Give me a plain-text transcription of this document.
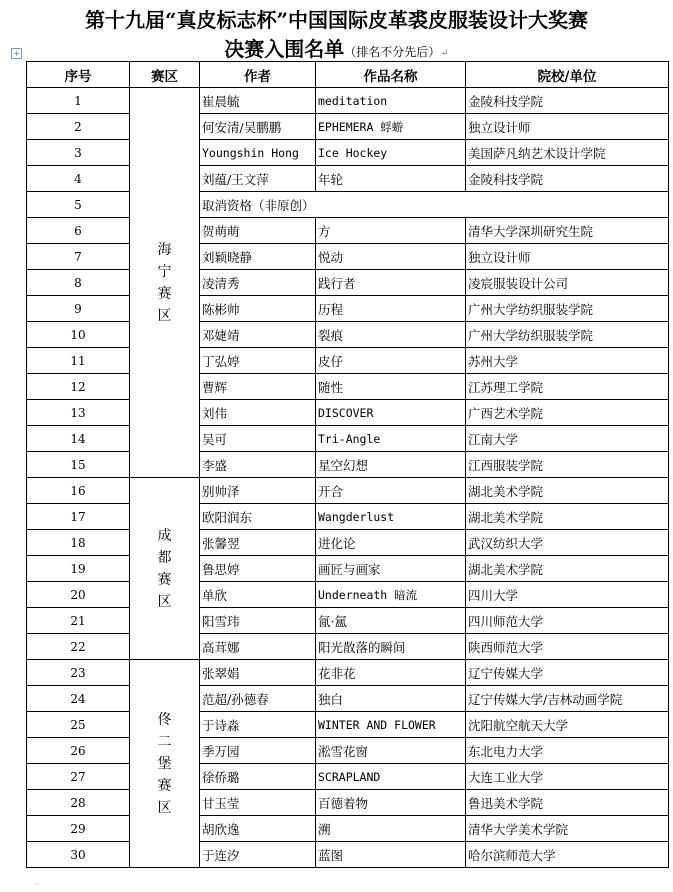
第十九届“真皮标志杯”中国国际皮革裘皮服装设计大奖赛
决赛入围名单（排名不分先后）↵
+
序号	赛区	作者	作品名称	院校/单位
1	海宁赛区	崔晨毓	meditation	金陵科技学院
2		何安清/吴鹏鹏	EPHEMERA 蜉蝣	独立设计师
3		Youngshin Hong	Ice Hockey	美国萨凡纳艺术设计学院
4		刘蕴/王文萍	年轮	金陵科技学院
5		取消资格（非原创）		
6		贺萌萌	方	清华大学深圳研究生院
7		刘颖晓静	悦动	独立设计师
8		凌清秀	践行者	凌宸服装设计公司
9		陈彬帅	历程	广州大学纺织服装学院
10		邓婕靖	裂痕	广州大学纺织服装学院
11		丁弘婷	皮仔	苏州大学
12		曹辉	随性	江苏理工学院
13		刘伟	DISCOVER	广西艺术学院
14		吴可	Tri-Angle	江南大学
15		李盛	星空幻想	江西服装学院
16	成都赛区	别帅泽	开合	湖北美术学院
17		欧阳润东	Wangderlust	湖北美术学院
18		张馨翌	进化论	武汉纺织大学
19		鲁思婷	画匠与画家	湖北美术学院
20		单欣	Underneath 暗流	四川大学
21		阳雪玮	氤·氲	四川师范大学
22		高茸娜	阳光散落的瞬间	陕西师范大学
23	佟二堡赛区	张翠娟	花非花	辽宁传媒大学
24		范超/孙德春	独白	辽宁传媒大学/吉林动画学院
25		于诗淼	WINTER AND FLOWER	沈阳航空航天大学
26		季万园	淞雪花窗	东北电力大学
27		徐侨璐	SCRAPLAND	大连工业大学
28		甘玉莹	百德着物	鲁迅美术学院
29		胡欣逸	溯	清华大学美术学院
30		于连汐	蓝图	哈尔滨师范大学
··
